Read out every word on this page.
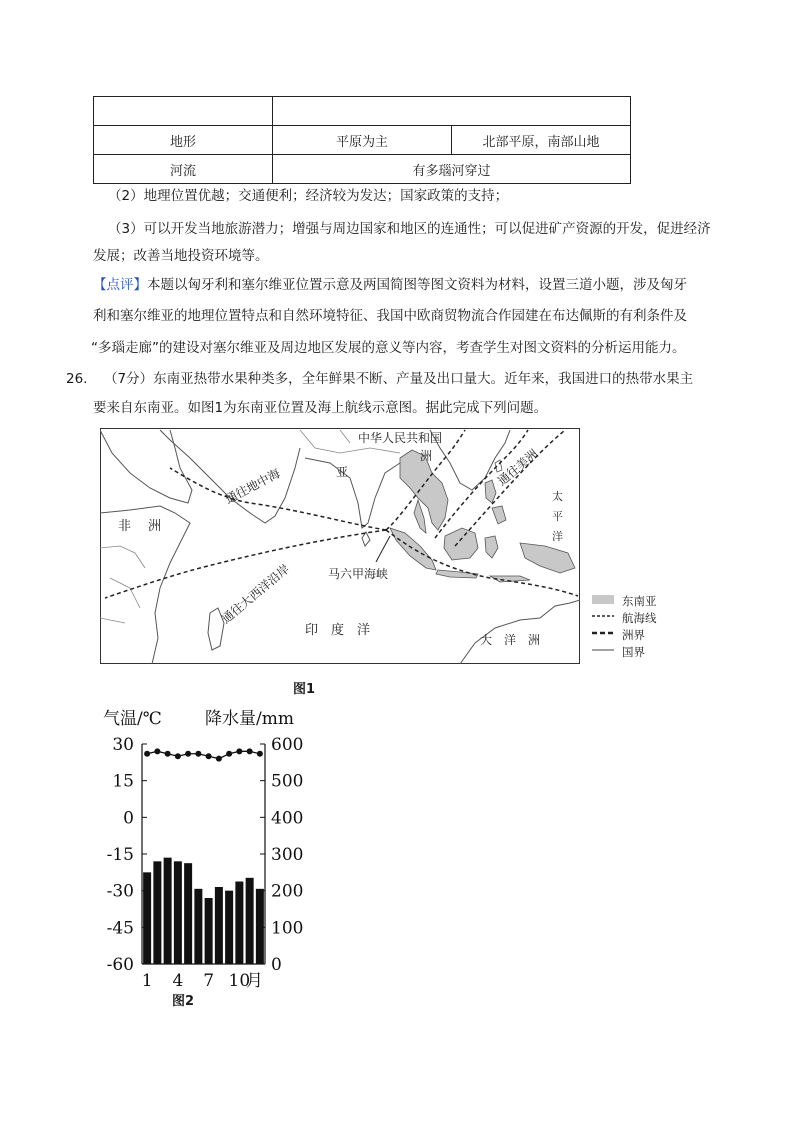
地形	平原为主	北部平原，南部山地
河流	有多瑙河穿过	
（2）地理位置优越；交通便利；经济较为发达；国家政策的支持；
（3）可以开发当地旅游潜力；增强与周边国家和地区的连通性；可以促进矿产资源的开发，促进经济
发展；改善当地投资环境等。
【点评】本题以匈牙利和塞尔维亚位置示意及两国简图等图文资料为材料，设置三道小题，涉及匈牙
利和塞尔维亚的地理位置特点和自然环境特征、我国中欧商贸物流合作园建在布达佩斯的有利条件及
“多瑙走廊”的建设对塞尔维亚及周边地区发展的意义等内容，考查学生对图文资料的分析运用能力。
26. （7分）东南亚热带水果种类多，全年鲜果不断、产量及出口量大。近年来，我国进口的热带水果主
要来自东南亚。如图1为东南亚位置及海上航线示意图。据此完成下列问题。
中华人民共和国
亚
洲	通往美洲
太
平
洋
非 洲
通往地中海
通往大西洋沿岸	马六甲海峡
印　度　洋
大　洋　洲
东南亚
航海线
洲界
国界
图1
气温/℃	降水量/mm
30
15
0
-15
-30
-45
-60
600
500
400
300
200
100
0
1 4 7 10
月
图2
